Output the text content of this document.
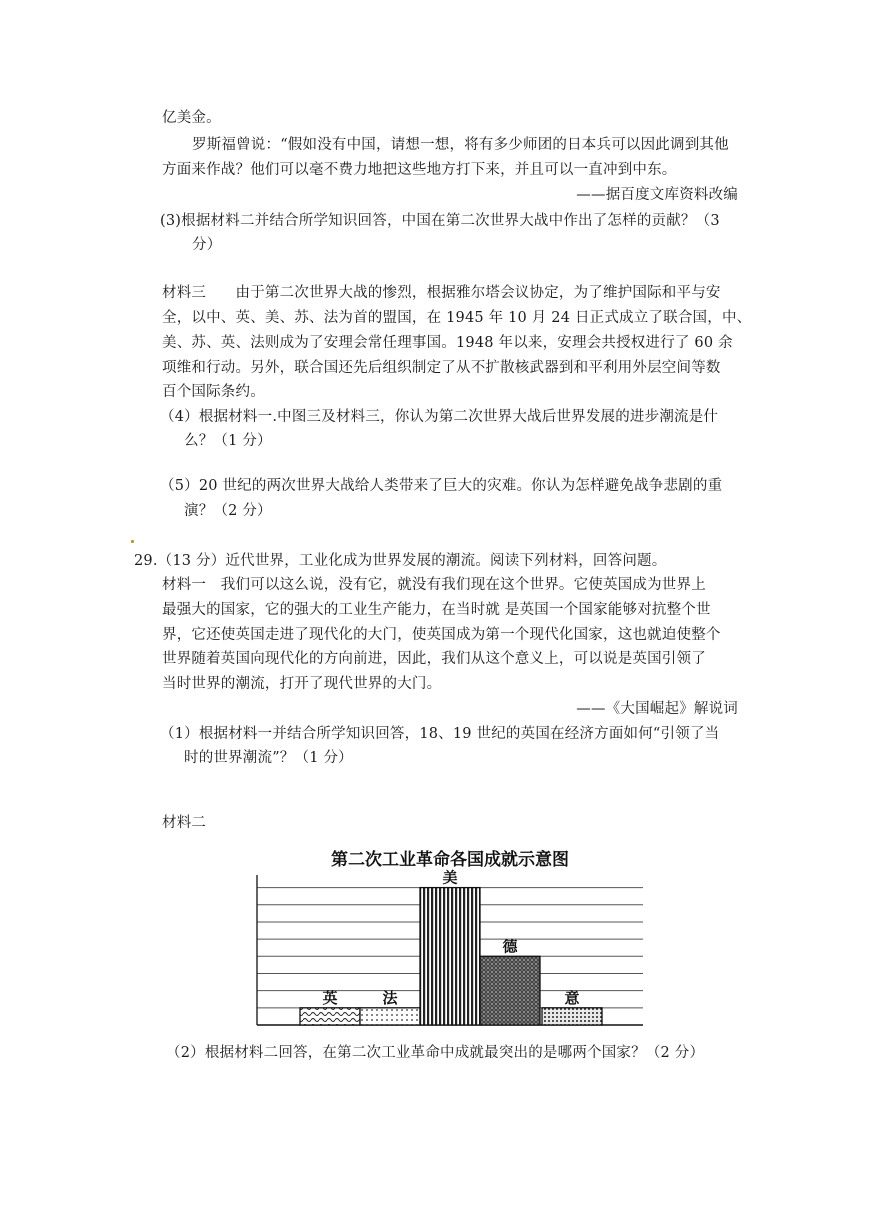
亿美金。
罗斯福曾说：“假如没有中国，请想一想，将有多少师团的日本兵可以因此调到其他
方面来作战？他们可以毫不费力地把这些地方打下来，并且可以一直冲到中东。
——据百度文库资料改编
(3)根据材料二并结合所学知识回答，中国在第二次世界大战中作出了怎样的贡献？（3
分）
材料三　　由于第二次世界大战的惨烈，根据雅尔塔会议协定，为了维护国际和平与安
全，以中、英、美、苏、法为首的盟国，在 1945 年 10 月 24 日正式成立了联合国，中、
美、苏、英、法则成为了安理会常任理事国。1948 年以来，安理会共授权进行了 60 余
项维和行动。另外，联合国还先后组织制定了从不扩散核武器到和平利用外层空间等数
百个国际条约。
（4）根据材料一.中图三及材料三，你认为第二次世界大战后世界发展的进步潮流是什
么？（1 分）
（5）20 世纪的两次世界大战给人类带来了巨大的灾难。你认为怎样避免战争悲剧的重
演？（2 分）
29.（13 分）近代世界，工业化成为世界发展的潮流。阅读下列材料，回答问题。
材料一　我们可以这么说，没有它，就没有我们现在这个世界。它使英国成为世界上
最强大的国家，它的强大的工业生产能力，在当时就 是英国一个国家能够对抗整个世
界，它还使英国走进了现代化的大门，使英国成为第一个现代化国家，这也就迫使整个
世界随着英国向现代化的方向前进，因此，我们从这个意义上，可以说是英国引领了
当时世界的潮流，打开了现代世界的大门。
——《大国崛起》解说词
（1）根据材料一并结合所学知识回答，18、19 世纪的英国在经济方面如何“引领了当
时的世界潮流”？（1 分）
材料二
第二次工业革命各国成就示意图
英	法
美
德
意
（2）根据材料二回答，在第二次工业革命中成就最突出的是哪两个国家？（2 分）
